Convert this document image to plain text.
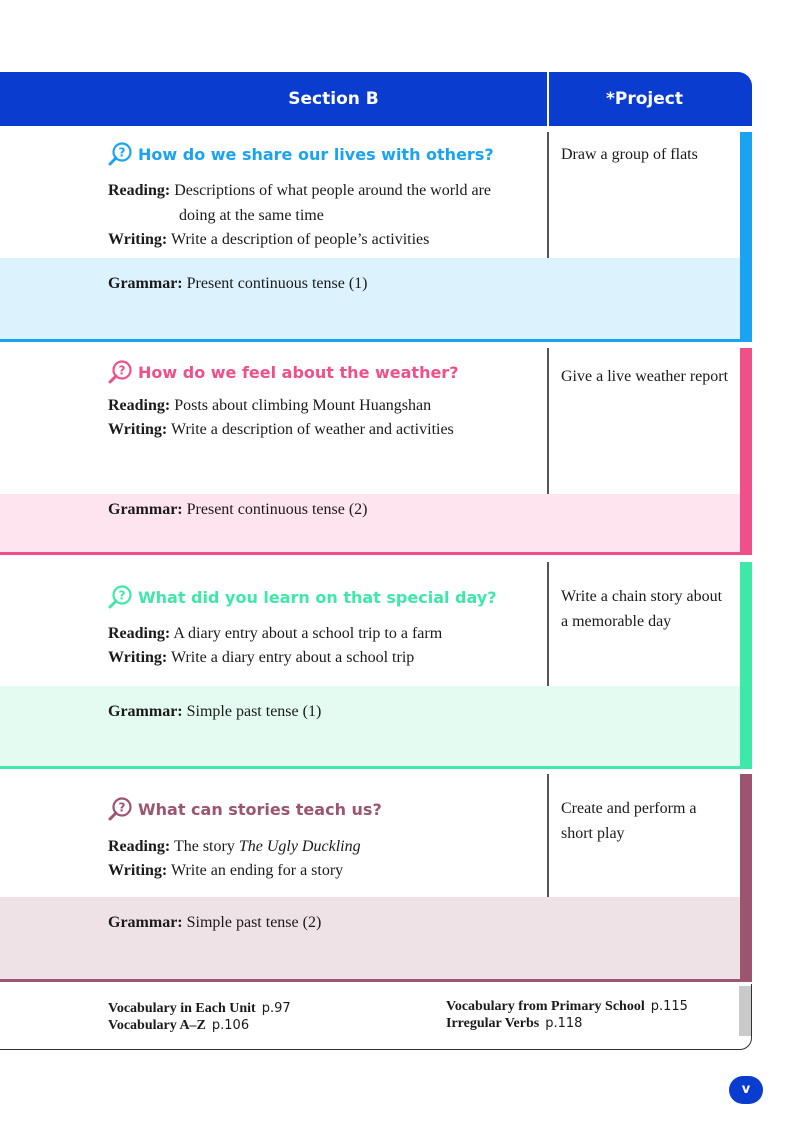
Section B	*Project
? How do we share our lives with others?
Reading: Descriptions of what people around the world are
doing at the same time
Writing: Write a description of people’s activities
Grammar: Present continuous tense (1)
Draw a group of flats
? How do we feel about the weather?
Reading: Posts about climbing Mount Huangshan
Writing: Write a description of weather and activities
Grammar: Present continuous tense (2)
Give a live weather report
? What did you learn on that special day?
Reading: A diary entry about a school trip to a farm
Writing: Write a diary entry about a school trip
Grammar: Simple past tense (1)
Write a chain story about a memorable day
? What can stories teach us?
Reading: The story The Ugly Duckling
Writing: Write an ending for a story
Grammar: Simple past tense (2)
Create and perform a short play
Vocabulary in Each Unit p.97
Vocabulary A–Z p.106
Vocabulary from Primary School p.115
Irregular Verbs p.118
v
